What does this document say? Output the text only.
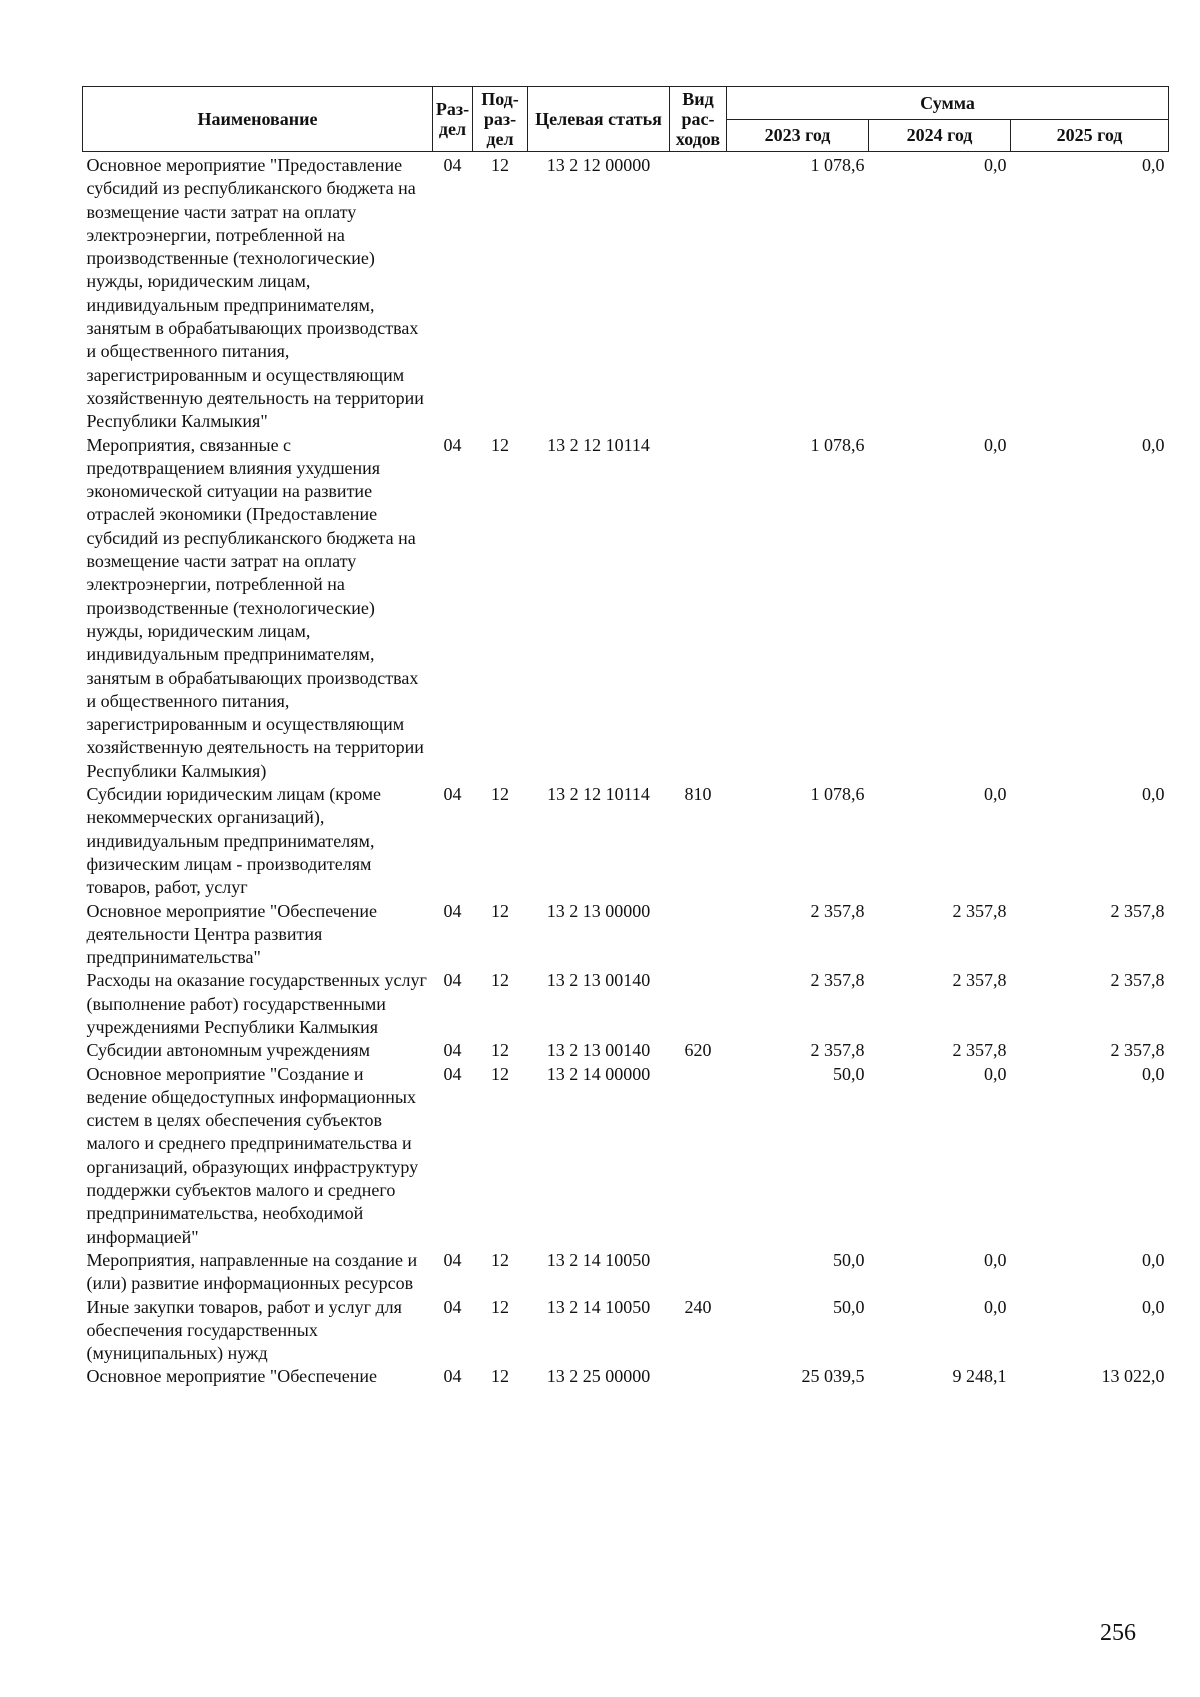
Наименование	Раз-дел	Под-раз-дел	Целевая статья	Вид рас-ходов	Сумма		
					2023 год	2024 год	2025 год
Основное мероприятие "Предоставление субсидий из республиканского бюджета на возмещение части затрат на оплату электроэнергии, потребленной на производственные (технологические) нужды, юридическим лицам, индивидуальным предпринимателям, занятым в обрабатывающих производствах и общественного питания, зарегистрированным и осуществляющим хозяйственную деятельность на территории Республики Калмыкия"	04	12	13 2 12 00000		1 078,6	0,0	0,0
Мероприятия, связанные с предотвращением влияния ухудшения экономической ситуации на развитие отраслей экономики (Предоставление субсидий из республиканского бюджета на возмещение части затрат на оплату электроэнергии, потребленной на производственные (технологические) нужды, юридическим лицам, индивидуальным предпринимателям, занятым в обрабатывающих производствах и общественного питания, зарегистрированным и осуществляющим хозяйственную деятельность на территории Республики Калмыкия)	04	12	13 2 12 10114		1 078,6	0,0	0,0
Субсидии юридическим лицам (кроме некоммерческих организаций), индивидуальным предпринимателям, физическим лицам - производителям товаров, работ, услуг	04	12	13 2 12 10114	810	1 078,6	0,0	0,0
Основное мероприятие "Обеспечение деятельности Центра развития предпринимательства"	04	12	13 2 13 00000		2 357,8	2 357,8	2 357,8
Расходы на оказание государственных услуг (выполнение работ) государственными учреждениями Республики Калмыкия	04	12	13 2 13 00140		2 357,8	2 357,8	2 357,8
Субсидии автономным учреждениям	04	12	13 2 13 00140	620	2 357,8	2 357,8	2 357,8
Основное мероприятие "Создание и ведение общедоступных информационных систем в целях обеспечения субъектов малого и среднего предпринимательства и организаций, образующих инфраструктуру поддержки субъектов малого и среднего предпринимательства, необходимой информацией"	04	12	13 2 14 00000		50,0	0,0	0,0
Мероприятия, направленные на создание и (или) развитие информационных ресурсов	04	12	13 2 14 10050		50,0	0,0	0,0
Иные закупки товаров, работ и услуг для обеспечения государственных (муниципальных) нужд	04	12	13 2 14 10050	240	50,0	0,0	0,0
Основное мероприятие "Обеспечение	04	12	13 2 25 00000		25 039,5	9 248,1	13 022,0
256
